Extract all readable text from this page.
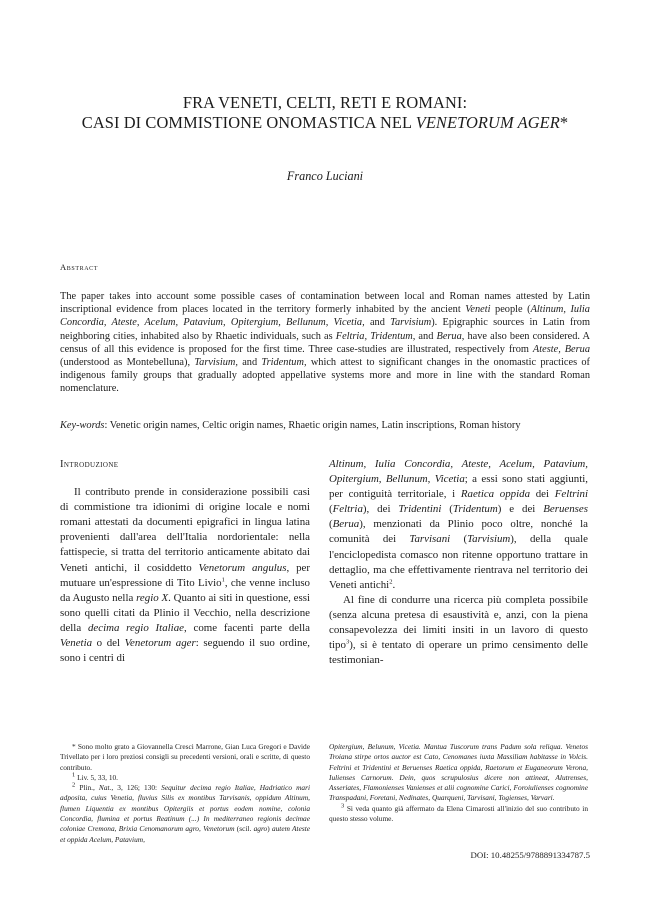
FRA VENETI, CELTI, RETI E ROMANI:
CASI DI COMMISTIONE ONOMASTICA NEL VENETORUM AGER*
Franco Luciani
Abstract

The paper takes into account some possible cases of contamination between local and Roman names attested by Latin inscriptional evidence from places located in the territory formerly inhabited by the ancient Veneti people (Altinum, Iulia Concordia, Ateste, Acelum, Patavium, Opitergium, Bellunum, Vicetia, and Tarvisium). Epigraphic sources in Latin from neighboring cities, inhabited also by Rhaetic individuals, such as Feltria, Tridentum, and Berua, have also been considered. A census of all this evidence is proposed for the first time. Three case-studies are illustrated, respectively from Ateste, Berua (understood as Montebelluna), Tarvisium, and Tridentum, which attest to significant changes in the onomastic practices of indigenous family groups that gradually adopted appellative systems more and more in line with the standard Roman nomenclature.

Key-words: Venetic origin names, Celtic origin names, Rhaetic origin names, Latin inscriptions, Roman history
Introduzione

Il contributo prende in considerazione possibili casi di commistione tra idionimi di origine locale e nomi romani attestati da documenti epigrafici in lingua latina provenienti dall'area dell'Italia nordorientale: nella fattispecie, si tratta del territorio anticamente abitato dai Veneti antichi, il cosiddetto Venetorum angulus, per mutuare un'espressione di Tito Livio$^1$, che venne incluso da Augusto nella regio X. Quanto ai siti in questione, essi sono quelli citati da Plinio il Vecchio, nella descrizione della decima regio Italiae, come facenti parte della Venetia o del Venetorum ager: seguendo il suo ordine, sono i centri di

Altinum, Iulia Concordia, Ateste, Acelum, Patavium, Opitergium, Bellunum, Vicetia; a essi sono stati aggiunti, per contiguità territoriale, i Raetica oppida dei Feltrini (Feltria), dei Tridentini (Tridentum) e dei Beruenses (Berua), menzionati da Plinio poco oltre, nonché la comunità dei Tarvisani (Tarvisium), della quale l'enciclopedista comasco non ritenne opportuno trattare in dettaglio, ma che effettivamente rientrava nel territorio dei Veneti antichi$^2$.

Al fine di condurre una ricerca più completa possibile (senza alcuna pretesa di esaustività e, anzi, con la piena consapevolezza dei limiti insiti in un lavoro di questo tipo$^3$), si è tentato di operare un primo censimento delle testimonian-

* Sono molto grato a Giovannella Cresci Marrone, Gian Luca Gregori e Davide Trivellato per i loro preziosi consigli su precedenti versioni, orali e scritte, di questo contributo.

$^1$ Liv. 5, 33, 10.

$^2$ Plin., Nat., 3, 126; 130: Sequitur decima regio Italiae, Hadriatico mari adposita, cuius Venetia, fluvius Silis ex montibus Tarvisanis, oppidum Altinum, flumen Liquentia ex montibus Opitergiis et portus eodem nomine, colonia Concordia, flumina et portus Reatinum (...) In mediterraneo regionis decimae coloniae Cremona, Brixia Cenomanorum agro, Venetorum (scil. agro) autem Ateste et oppida Acelum, Patavium,

Opitergium, Belunum, Vicetia. Mantua Tuscorum trans Padum sola reliqua. Venetos Troiana stirpe ortos auctor est Cato, Cenomanes iuxta Massiliam habitasse in Volcis. Feltrini et Tridentini et Beruenses Raetica oppida, Raetorum et Euganeorum Verona, Iulienses Carnorum. Dein, quos scrupulosius dicere non attineat, Alutrenses, Asseriates, Flamonienses Vanienses et alii cognomine Carici, Foroiulienses cognomine Transpadani, Foretani, Nedinates, Quarqueni, Tarvisani, Togienses, Varvari.

$^3$ Si veda quanto già affermato da Elena Cimarosti all'inizio del suo contributo in questo stesso volume.

DOI: 10.48255/9788891334787.5
